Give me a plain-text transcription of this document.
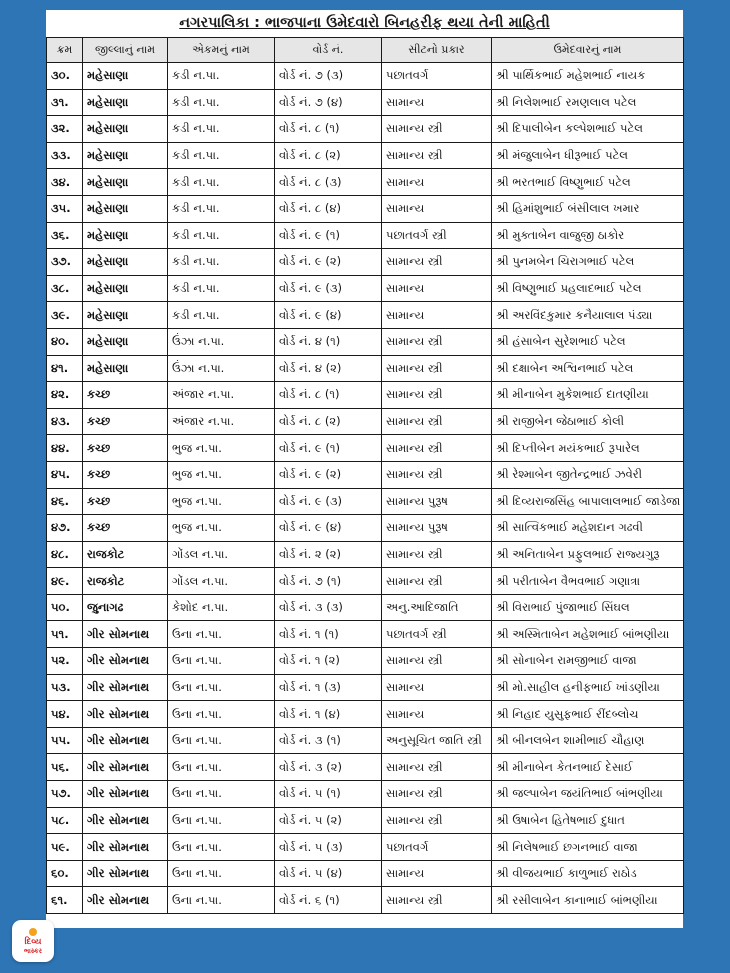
નગરપાલિકા : ભાજપાના ઉમેદવારો બિનહરીફ થયા તેની માહિતી
ક્રમ	જીલ્લાનું નામ	એકમનું નામ	વોર્ડ નં.	સીટનો પ્રકાર	ઉમેદવારનું નામ
૩૦.	મહેસાણા	કડી ન.પા.	વોર્ડ નં. ૭ (૩)	પછાતવર્ગ	શ્રી પાર્થિકભાઈ મહેશભાઈ નાયક
૩૧.	મહેસાણા	કડી ન.પા.	વોર્ડ નં. ૭ (૪)	સામાન્ય	શ્રી નિલેશભાઈ રમણલાલ પટેલ
૩૨.	મહેસાણા	કડી ન.પા.	વોર્ડ નં. ૮ (૧)	સામાન્ય સ્ત્રી	શ્રી દિપાલીબેન કલ્પેશભાઈ પટેલ
૩૩.	મહેસાણા	કડી ન.પા.	વોર્ડ નં. ૮ (૨)	સામાન્ય સ્ત્રી	શ્રી મંજુલાબેન ધીરૂભાઈ પટેલ
૩૪.	મહેસાણા	કડી ન.પા.	વોર્ડ નં. ૮ (૩)	સામાન્ય	શ્રી ભરતભાઈ વિષ્ણુભાઈ પટેલ
૩૫.	મહેસાણા	કડી ન.પા.	વોર્ડ નં. ૮ (૪)	સામાન્ય	શ્રી હિમાંશુભાઈ બંસીલાલ ખમાર
૩૬.	મહેસાણા	કડી ન.પા.	વોર્ડ નં. ૯ (૧)	પછાતવર્ગ સ્ત્રી	શ્રી મુક્તાબેન વાજુજી ઠાકોર
૩૭.	મહેસાણા	કડી ન.પા.	વોર્ડ નં. ૯ (૨)	સામાન્ય સ્ત્રી	શ્રી પુનમબેન ચિરાગભાઈ પટેલ
૩૮.	મહેસાણા	કડી ન.પા.	વોર્ડ નં. ૯ (૩)	સામાન્ય	શ્રી વિષ્ણુભાઈ પ્રહલાદભાઈ પટેલ
૩૯.	મહેસાણા	કડી ન.પા.	વોર્ડ નં. ૯ (૪)	સામાન્ય	શ્રી અરવિંદકુમાર કનૈયાલાલ પંડ્યા
૪૦.	મહેસાણા	ઉંઝા ન.પા.	વોર્ડ નં. ૪ (૧)	સામાન્ય સ્ત્રી	શ્રી હંસાબેન સુરેશભાઈ પટેલ
૪૧.	મહેસાણા	ઉંઝા ન.પા.	વોર્ડ નં. ૪ (૨)	સામાન્ય સ્ત્રી	શ્રી દક્ષાબેન અશ્વિનભાઈ પટેલ
૪૨.	કચ્છ	અંજાર ન.પા.	વોર્ડ નં. ૮ (૧)	સામાન્ય સ્ત્રી	શ્રી મીનાબેન મુકેશભાઈ દાતણીયા
૪૩.	કચ્છ	અંજાર ન.પા.	વોર્ડ નં. ૮ (૨)	સામાન્ય સ્ત્રી	શ્રી રાજીબેન જેઠાભાઈ કોલી
૪૪.	કચ્છ	ભુજ ન.પા.	વોર્ડ નં. ૯ (૧)	સામાન્ય સ્ત્રી	શ્રી દિપ્તીબેન મયંકભાઈ રૂપારેલ
૪૫.	કચ્છ	ભુજ ન.પા.	વોર્ડ નં. ૯ (૨)	સામાન્ય સ્ત્રી	શ્રી રેશ્માબેન જીતેન્દ્રભાઈ ઝવેરી
૪૬.	કચ્છ	ભુજ ન.પા.	વોર્ડ નં. ૯ (૩)	સામાન્ય પુરૂષ	શ્રી દિવ્યરાજસિંહ બાપાલાલભાઈ જાડેજા
૪૭.	કચ્છ	ભુજ ન.પા.	વોર્ડ નં. ૯ (૪)	સામાન્ય પુરૂષ	શ્રી સાત્વિકભાઈ મહેશદાન ગઢવી
૪૮.	રાજકોટ	ગોંડલ ન.પા.	વોર્ડ નં. ૨ (૨)	સામાન્ય સ્ત્રી	શ્રી અનિતાબેન પ્રફુલભાઈ રાજ્યગુરૂ
૪૯.	રાજકોટ	ગોંડલ ન.પા.	વોર્ડ નં. ૭ (૧)	સામાન્ય સ્ત્રી	શ્રી પરીતાબેન વૈભવભાઈ ગણાત્રા
૫૦.	જુનાગઢ	કેશોદ ન.પા.	વોર્ડ નં. ૩ (૩)	અનુ.આદિજાતિ	શ્રી વિરાભાઈ પુંજાભાઈ સિંઘલ
૫૧.	ગીર સોમનાથ	ઉના ન.પા.	વોર્ડ નં. ૧ (૧)	પછાતવર્ગ સ્ત્રી	શ્રી અસ્મિતાબેન મહેશભાઈ બાંભણીયા
૫૨.	ગીર સોમનાથ	ઉના ન.પા.	વોર્ડ નં. ૧ (૨)	સામાન્ય સ્ત્રી	શ્રી સોનાબેન રામજીભાઈ વાજા
૫૩.	ગીર સોમનાથ	ઉના ન.પા.	વોર્ડ નં. ૧ (૩)	સામાન્ય	શ્રી મો.સાહીલ હનીફભાઈ ખાંડણીયા
૫૪.	ગીર સોમનાથ	ઉના ન.પા.	વોર્ડ નં. ૧ (૪)	સામાન્ય	શ્રી નિહાદ યુસુફભાઈ રીંદબ્લોચ
૫૫.	ગીર સોમનાથ	ઉના ન.પા.	વોર્ડ નં. ૩ (૧)	અનુસૂચિત જાતિ સ્ત્રી	શ્રી બીનલબેન શામીભાઈ ચૌહાણ
૫૬.	ગીર સોમનાથ	ઉના ન.પા.	વોર્ડ નં. ૩ (૨)	સામાન્ય સ્ત્રી	શ્રી મીનાબેન કેતનભાઈ દેસાઈ
૫૭.	ગીર સોમનાથ	ઉના ન.પા.	વોર્ડ નં. ૫ (૧)	સામાન્ય સ્ત્રી	શ્રી જલ્પાબેન જયંતિભાઈ બાંભણીયા
૫૮.	ગીર સોમનાથ	ઉના ન.પા.	વોર્ડ નં. ૫ (૨)	સામાન્ય સ્ત્રી	શ્રી ઉષાબેન હિતેષભાઈ દુધાત
૫૯.	ગીર સોમનાથ	ઉના ન.પા.	વોર્ડ નં. ૫ (૩)	પછાતવર્ગ	શ્રી નિલેષભાઈ છગનભાઈ વાજા
૬૦.	ગીર સોમનાથ	ઉના ન.પા.	વોર્ડ નં. ૫ (૪)	સામાન્ય	શ્રી વીજયભાઈ કાળુભાઈ રાઠોડ
૬૧.	ગીર સોમનાથ	ઉના ન.પા.	વોર્ડ નં. ૬ (૧)	સામાન્ય સ્ત્રી	શ્રી રસીલાબેન કાનાભાઈ બાંભણીયા
દિવ્ય
ભાસ્કર
